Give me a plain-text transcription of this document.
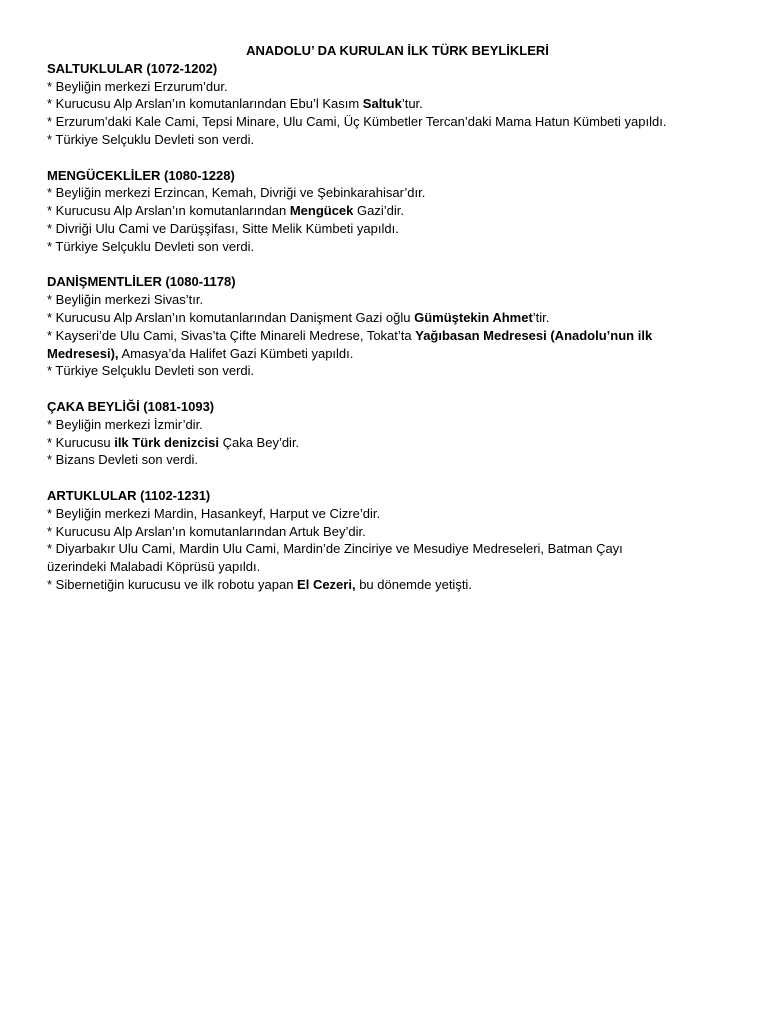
ANADOLU’ DA KURULAN İLK TÜRK BEYLİKLERİ

SALTUKLULAR (1072-1202)

* Beyliğin merkezi Erzurum’dur.

* Kurucusu Alp Arslan’ın komutanlarından Ebu’l Kasım Saltuk’tur.

* Erzurum’daki Kale Cami, Tepsi Minare, Ulu Cami, Üç Kümbetler Tercan’daki Mama Hatun Kümbeti yapıldı.

* Türkiye Selçuklu Devleti son verdi.

MENGÜCEKLİLER (1080-1228)

* Beyliğin merkezi Erzincan, Kemah, Divriği ve Şebinkarahisar’dır.

* Kurucusu Alp Arslan’ın komutanlarından Mengücek Gazi’dir.

* Divriği Ulu Cami ve Darüşşifası, Sitte Melik Kümbeti yapıldı.

* Türkiye Selçuklu Devleti son verdi.

DANİŞMENTLİLER (1080-1178)

* Beyliğin merkezi Sivas’tır.

* Kurucusu Alp Arslan’ın komutanlarından Danişment Gazi oğlu Gümüştekin Ahmet’tir.

* Kayseri’de Ulu Cami, Sivas’ta Çifte Minareli Medrese, Tokat’ta Yağıbasan Medresesi (Anadolu’nun ilk

Medresesi), Amasya’da Halifet Gazi Kümbeti yapıldı.

* Türkiye Selçuklu Devleti son verdi.

ÇAKA BEYLİĞİ (1081-1093)

* Beyliğin merkezi İzmir’dir.

* Kurucusu ilk Türk denizcisi Çaka Bey’dir.

* Bizans Devleti son verdi.

ARTUKLULAR (1102-1231)

* Beyliğin merkezi Mardin, Hasankeyf, Harput ve Cizre’dir.

* Kurucusu Alp Arslan’ın komutanlarından Artuk Bey’dir.

* Diyarbakır Ulu Cami, Mardin Ulu Cami, Mardin’de Zinciriye ve Mesudiye Medreseleri, Batman Çayı

üzerindeki Malabadi Köprüsü yapıldı.

* Sibernetiğin kurucusu ve ilk robotu yapan El Cezeri, bu dönemde yetişti.
